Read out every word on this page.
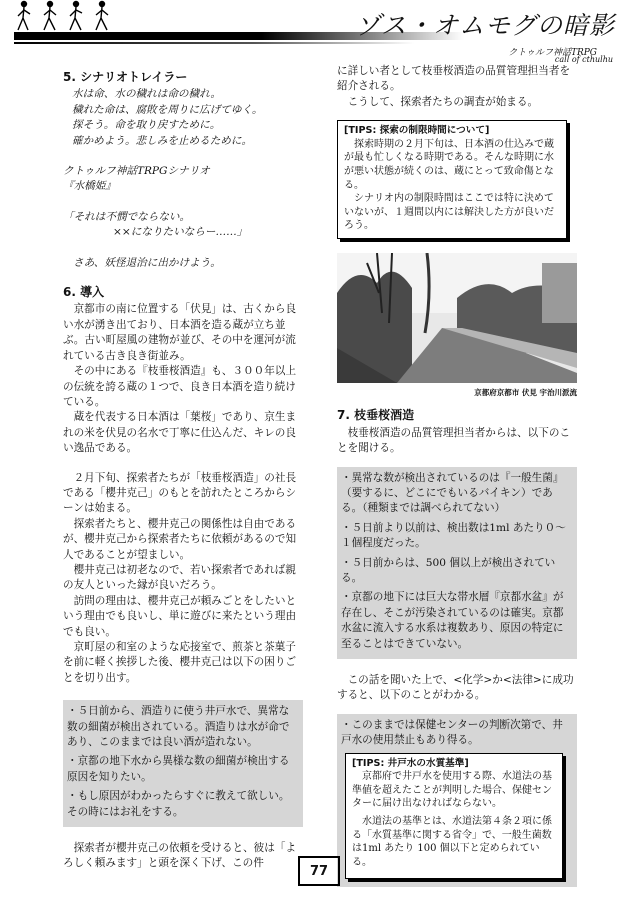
ゾス・オムモグの暗影
クトゥルフ神話TRPG
call of cthulhu
5. シナリオトレイラー

水は命、水の穢れは命の穢れ。

穢れた命は、腐敗を周りに広げてゆく。

探そう。命を取り戻すために。

確かめよう。悲しみを止めるために。

クトゥルフ神話TRPGシナリオ

『水橋姫』

「それは不憫でならない。

××になりたいならー……」

さあ、妖怪退治に出かけよう。

6. 導入

京都市の南に位置する「伏見」は、古くから良い水が湧き出ており、日本酒を造る蔵が立ち並ぶ。古い町屋風の建物が並び、その中を運河が流れている古き良き街並み。

その中にある『枝垂桜酒造』も、３００年以上の伝統を誇る蔵の１つで、良き日本酒を造り続けている。

蔵を代表する日本酒は「葉桜」であり、京生まれの米を伏見の名水で丁寧に仕込んだ、キレの良い逸品である。

２月下旬、探索者たちが「枝垂桜酒造」の社長である「櫻井克己」のもとを訪れたところからシーンは始まる。

探索者たちと、櫻井克己の関係性は自由であるが、櫻井克己から探索者たちに依頼があるので知人であることが望ましい。

櫻井克己は初老なので、若い探索者であれば親の友人といった縁が良いだろう。

訪問の理由は、櫻井克己が頼みごとをしたいという理由でも良いし、単に遊びに来たという理由でも良い。

京町屋の和室のような応接室で、煎茶と茶菓子を前に軽く挨拶した後、櫻井克己は以下の困りごとを切り出す。

・５日前から、酒造りに使う井戸水で、異常な数の細菌が検出されている。酒造りは水が命であり、このままでは良い酒が造れない。

・京都の地下水から異様な数の細菌が検出する原因を知りたい。

・もし原因がわかったらすぐに教えて欲しい。その時にはお礼をする。

探索者が櫻井克己の依頼を受けると、彼は「よろしく頼みます」と頭を深く下げ、この件

に詳しい者として枝垂桜酒造の品質管理担当者を紹介される。

こうして、探索者たちの調査が始まる。

[TIPS: 探索の制限時間について]

探索時期の２月下旬は、日本酒の仕込みで蔵が最も忙しくなる時期である。そんな時期に水が悪い状態が続くのは、蔵にとって致命傷となる。

シナリオ内の制限時間はここでは特に決めていないが、１週間以内には解決した方が良いだろう。

京都府京都市 伏見 宇治川派流
7. 枝垂桜酒造

枝垂桜酒造の品質管理担当者からは、以下のことを聞ける。

・異常な数が検出されているのは『一般生菌』（要するに、どこにでもいるバイキン）である。（種類までは調べられてない）

・５日前より以前は、検出数は1ml あたり０〜１個程度だった。

・５日前からは、500 個以上が検出されている。

・京都の地下には巨大な帯水層『京都水盆』が存在し、そこが汚染されているのは確実。京都水盆に流入する水系は複数あり、原因の特定に至ることはできていない。

この話を聞いた上で、<化学>か<法律>に成功すると、以下のことがわかる。

・このままでは保健センターの判断次第で、井戸水の使用禁止もあり得る。

[TIPS: 井戸水の水質基準]

京都府で井戸水を使用する際、水道法の基準値を超えたことが判明した場合、保健センターに届け出なければならない。

水道法の基準とは、水道法第４条２項に係る「水質基準に関する省令」で、一般生菌数は1ml あたり 100 個以下と定められている。

77
